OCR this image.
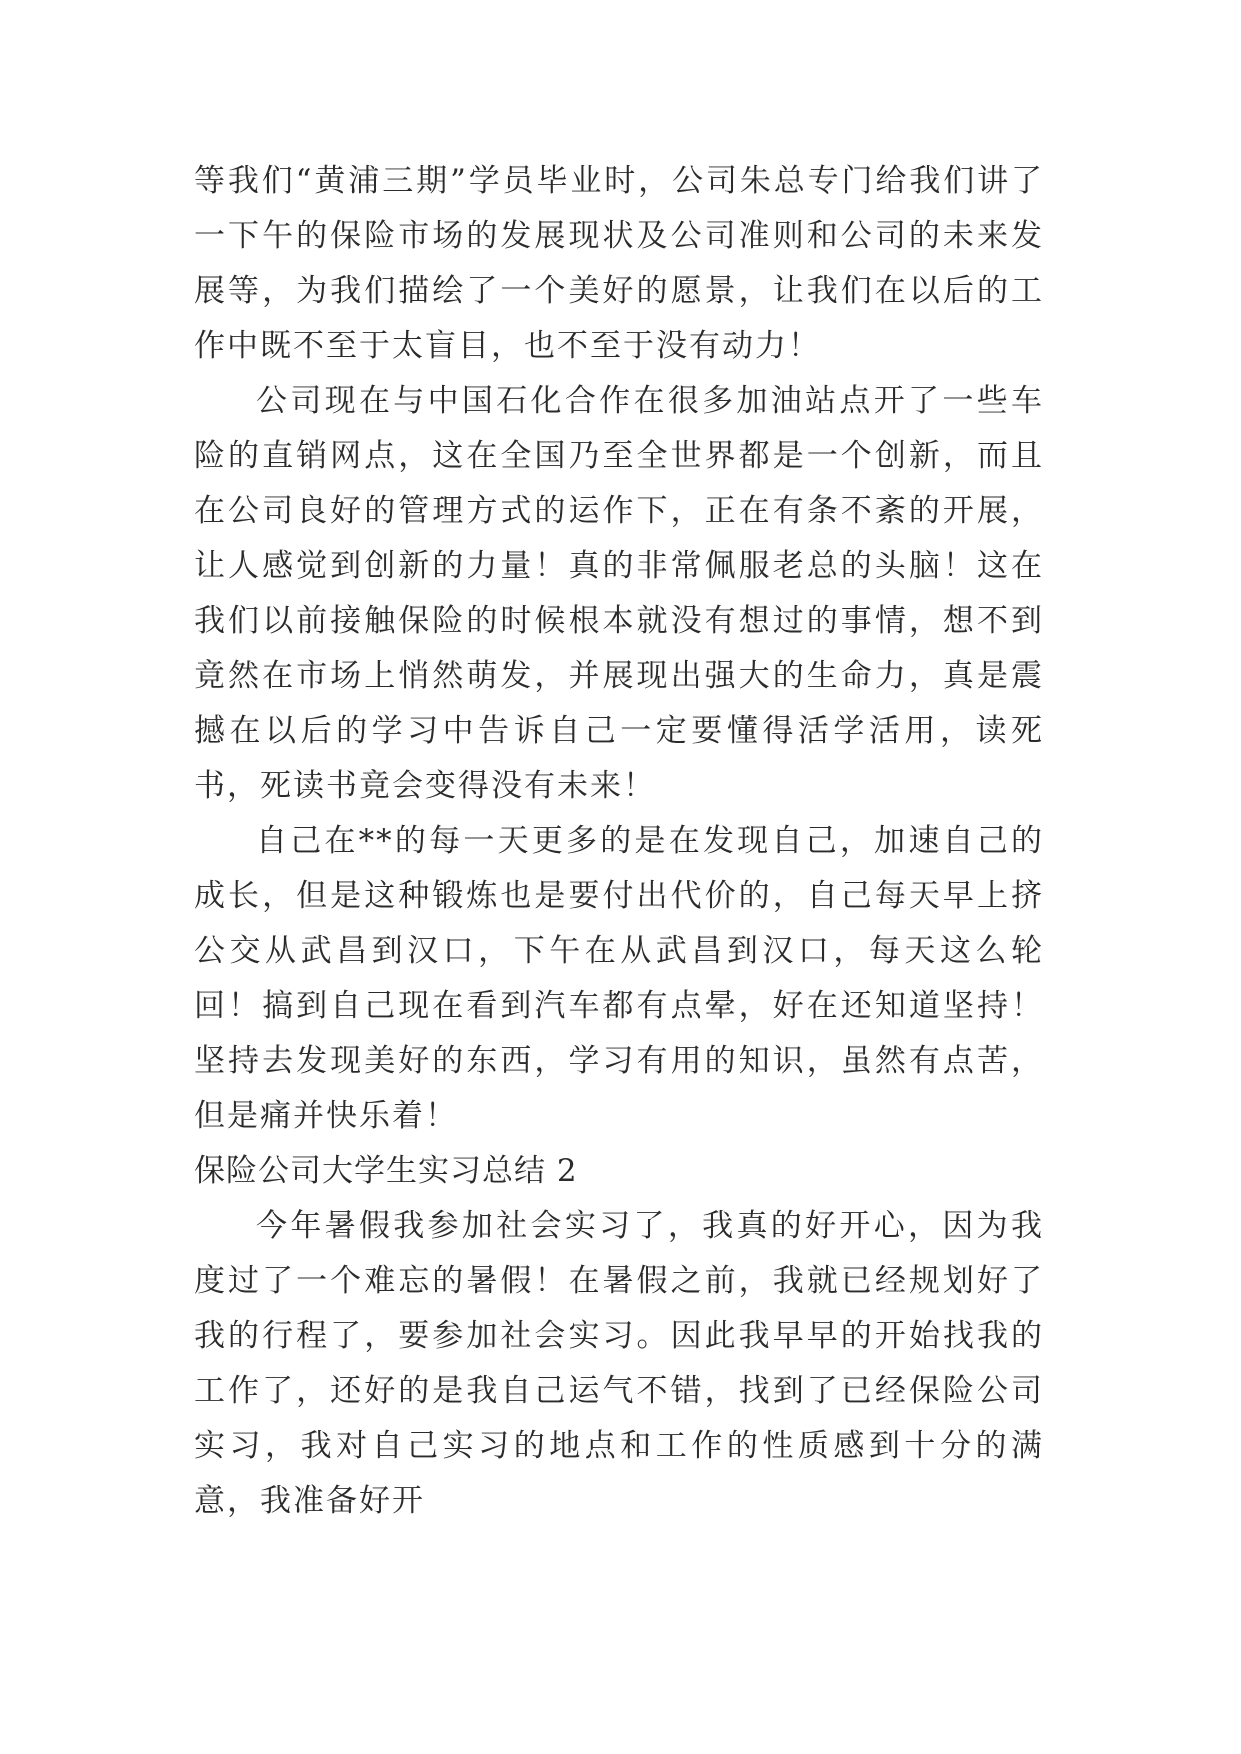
等我们“黄浦三期”学员毕业时，公司朱总专门给我们讲了一下午的保险市场的发展现状及公司准则和公司的未来发展等，为我们描绘了一个美好的愿景，让我们在以后的工作中既不至于太盲目，也不至于没有动力！

公司现在与中国石化合作在很多加油站点开了一些车险的直销网点，这在全国乃至全世界都是一个创新，而且在公司良好的管理方式的运作下，正在有条不紊的开展，让人感觉到创新的力量！真的非常佩服老总的头脑！这在我们以前接触保险的时候根本就没有想过的事情，想不到竟然在市场上悄然萌发，并展现出强大的生命力，真是震撼在以后的学习中告诉自己一定要懂得活学活用，读死书，死读书竟会变得没有未来！

自己在**的每一天更多的是在发现自己，加速自己的成长，但是这种锻炼也是要付出代价的，自己每天早上挤公交从武昌到汉口，下午在从武昌到汉口，每天这么轮回！搞到自己现在看到汽车都有点晕，好在还知道坚持！坚持去发现美好的东西，学习有用的知识，虽然有点苦，但是痛并快乐着！

保险公司大学生实习总结 2

今年暑假我参加社会实习了，我真的好开心，因为我度过了一个难忘的暑假！在暑假之前，我就已经规划好了我的行程了，要参加社会实习。因此我早早的开始找我的工作了，还好的是我自己运气不错，找到了已经保险公司实习，我对自己实习的地点和工作的性质感到十分的满意，我准备好开
